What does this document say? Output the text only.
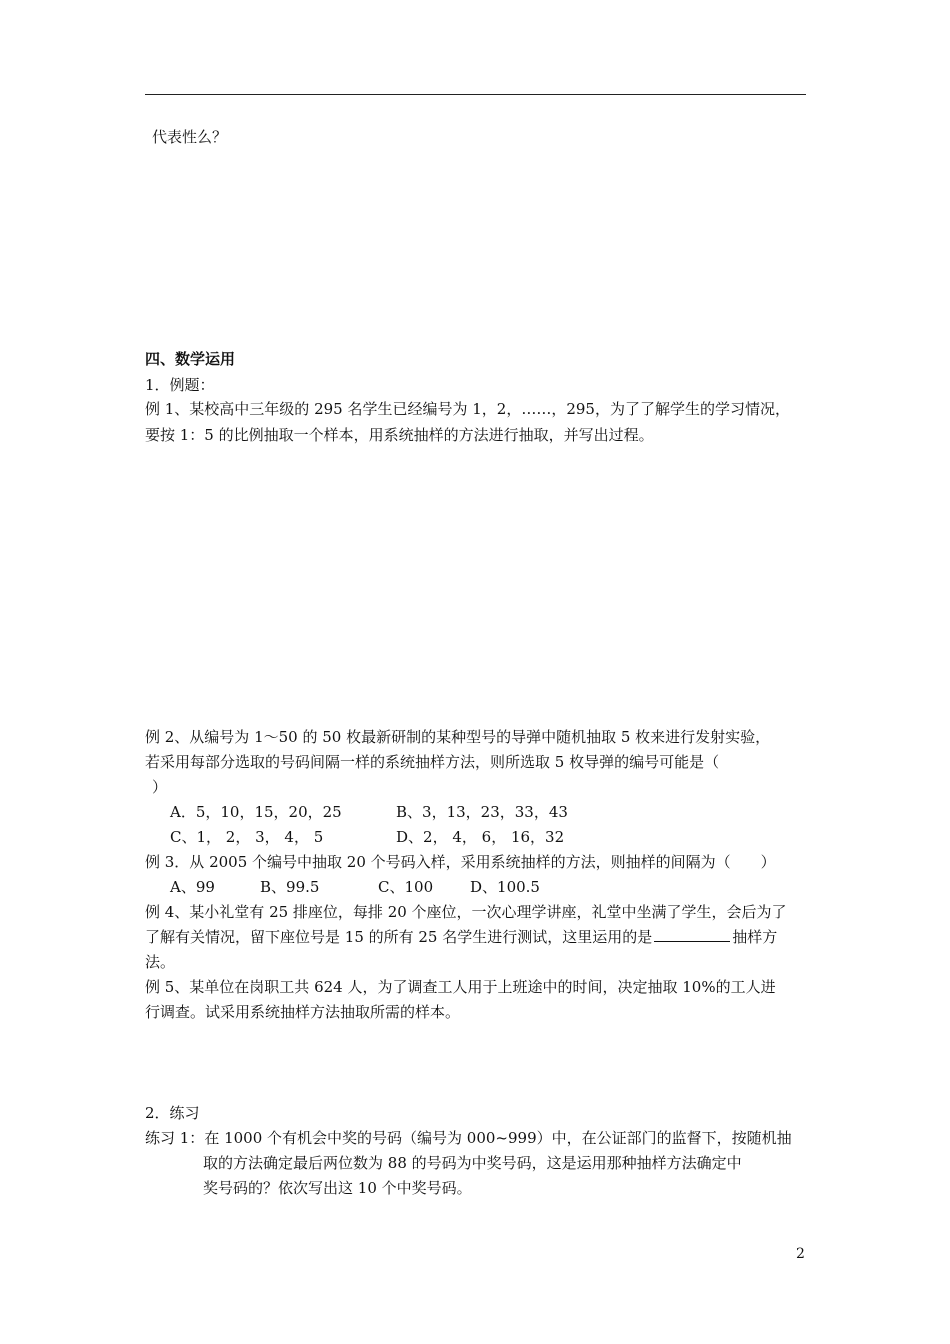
代表性么？
四、数学运用
1．例题：
例 1、某校高中三年级的 295 名学生已经编号为 1，2，……，295，为了了解学生的学习情况，
要按 1：5 的比例抽取一个样本，用系统抽样的方法进行抽取，并写出过程。
例 2、从编号为 1～50 的 50 枚最新研制的某种型号的导弹中随机抽取 5 枚来进行发射实验，
若采用每部分选取的号码间隔一样的系统抽样方法，则所选取 5 枚导弹的编号可能是（
）
A．5，10，15，20，25	B、3，13，23，33，43
C、1， 2， 3， 4， 5	D、2， 4， 6， 16，32
例 3．从 2005 个编号中抽取 20 个号码入样，采用系统抽样的方法，则抽样的间隔为（　　）
A、99	B、99.5	C、100 D、100.5
例 4、某小礼堂有 25 排座位，每排 20 个座位，一次心理学讲座，礼堂中坐满了学生，会后为了
了解有关情况，留下座位号是 15 的所有 25 名学生进行测试，这里运用的是	抽样方
法。
例 5、某单位在岗职工共 624 人，为了调查工人用于上班途中的时间，决定抽取 10%的工人进
行调查。试采用系统抽样方法抽取所需的样本。
2．练习
练习 1：在 1000 个有机会中奖的号码（编号为 000~999）中，在公证部门的监督下，按随机抽
取的方法确定最后两位数为 88 的号码为中奖号码，这是运用那种抽样方法确定中
奖号码的？依次写出这 10 个中奖号码。
2
